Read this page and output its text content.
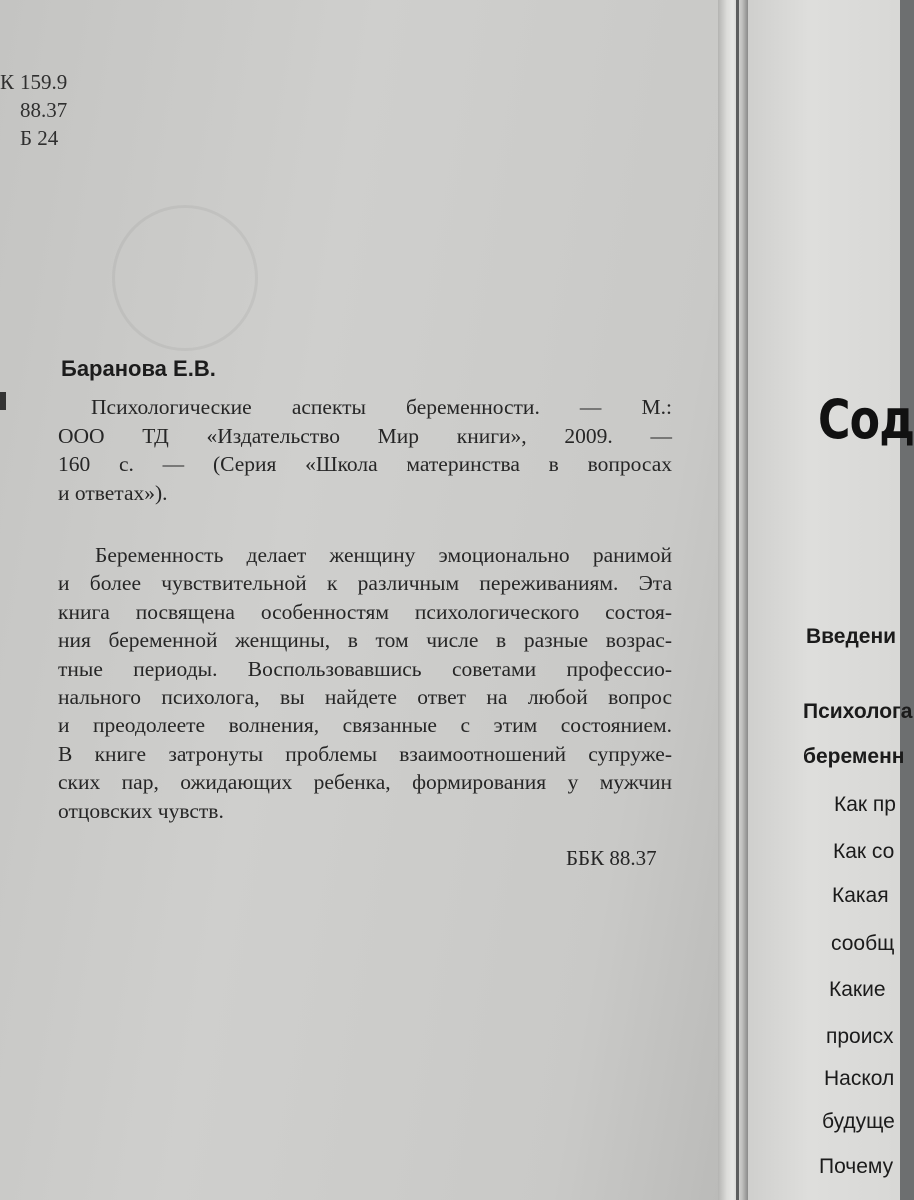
К 159.9
88.37
Б 24
Баранова Е.В.
Психологические аспекты беременности. — М.:
ООО ТД «Издательство Мир книги», 2009. —
160 с. — (Серия «Школа материнства в вопросах
и ответах»).
Беременность делает женщину эмоционально ранимой
и более чувствительной к различным переживаниям. Эта
книга посвящена особенностям психологического состоя-
ния беременной женщины, в том числе в разные возрас-
тные периоды. Воспользовавшись советами профессио-
нального психолога, вы найдете ответ на любой вопрос
и преодолеете волнения, связанные с этим состоянием.
В книге затронуты проблемы взаимоотношений супруже-
ских пар, ожидающих ребенка, формирования у мужчин
отцовских чувств.
ББК 88.37
Сод
Введени
Психолога
беременн
Как пр
Как со
Какая
сообщ
Какие
происх
Наскол
будуще
Почему
